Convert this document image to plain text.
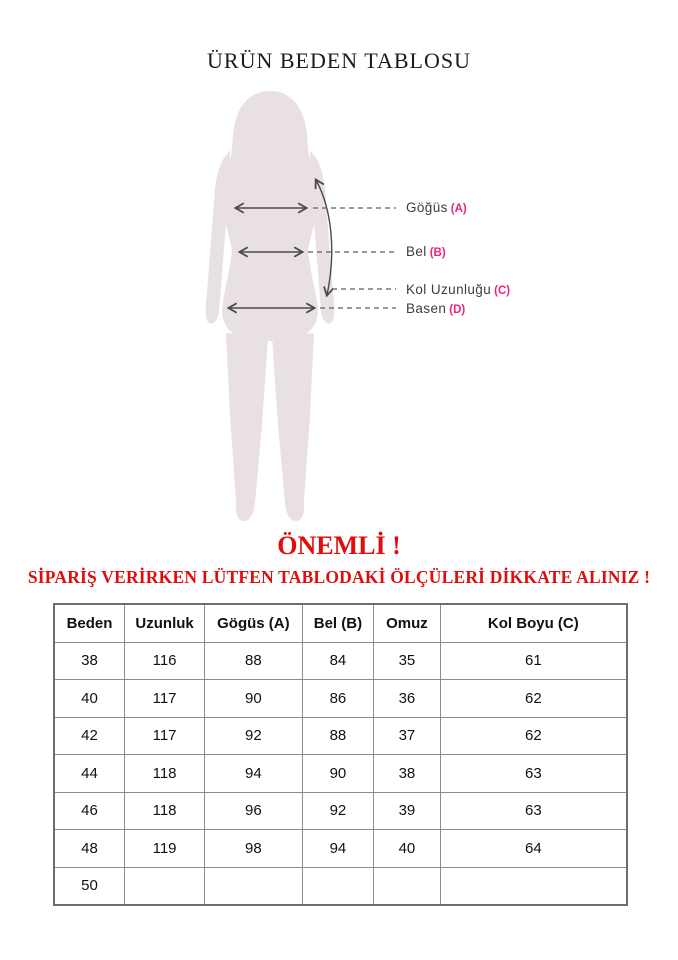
ÜRÜN BEDEN TABLOSU
Göğüs (A)
Bel (B)
Kol Uzunluğu (C)
Basen (D)
ÖNEMLİ !
SİPARİŞ VERİRKEN LÜTFEN TABLODAKİ ÖLÇÜLERİ DİKKATE ALINIZ !
Beden	Uzunluk	Gögüs (A)	Bel (B)	Omuz	Kol Boyu (C)
38	116	88	84	35	61
40	117	90	86	36	62
42	117	92	88	37	62
44	118	94	90	38	63
46	118	96	92	39	63
48	119	98	94	40	64
50					
